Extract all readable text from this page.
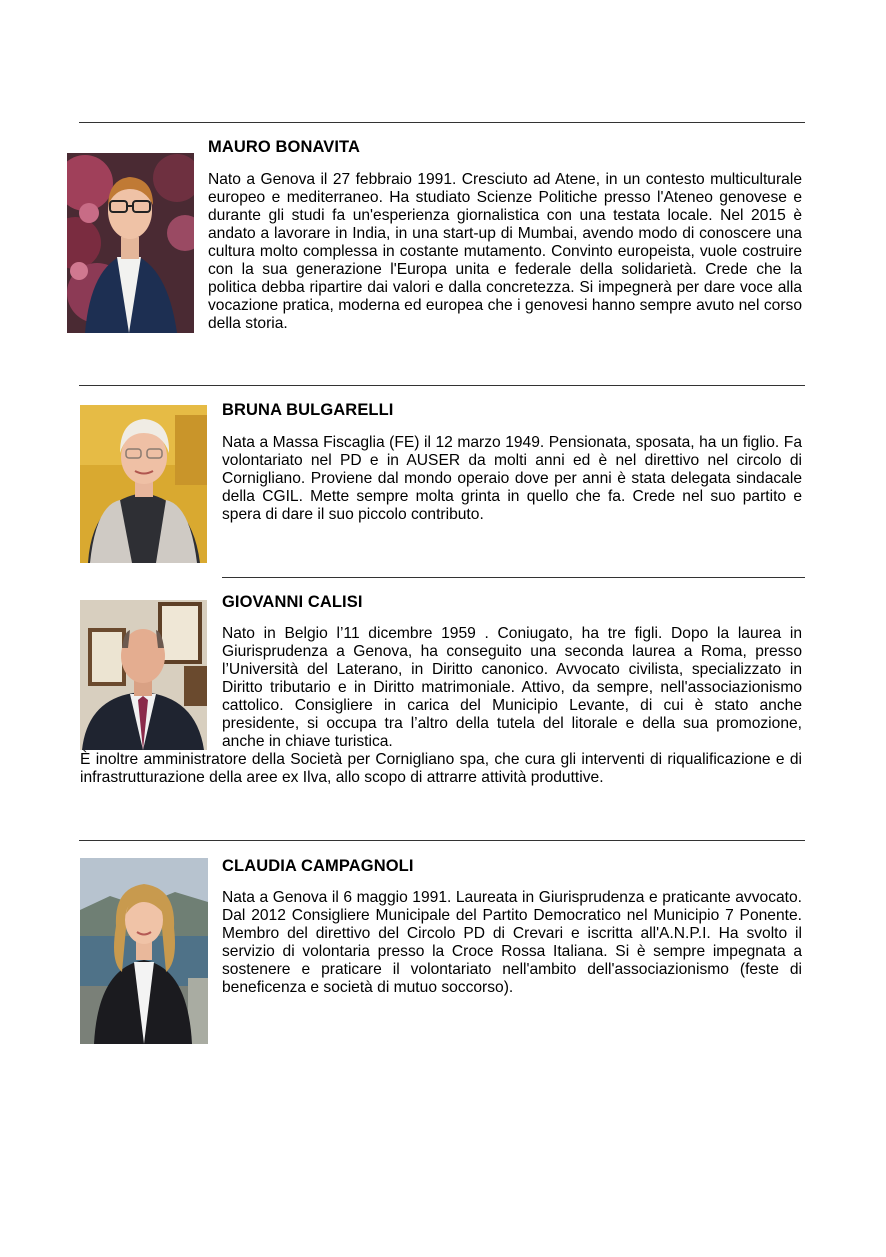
MAURO BONAVITA

Nato a Genova il 27 febbraio 1991. Cresciuto ad Atene, in un contesto multiculturale europeo e mediterraneo. Ha studiato Scienze Politiche presso l'Ateneo genovese e durante gli studi fa un'esperienza giornalistica con una testata locale. Nel 2015 è andato a lavorare in India, in una start-up di Mumbai, avendo modo di conoscere una cultura molto complessa in costante mutamento. Convinto europeista, vuole costruire con la sua generazione l'Europa unita e federale della solidarietà. Crede che la politica debba ripartire dai valori e dalla concretezza. Si impegnerà per dare voce alla vocazione pratica, moderna ed europea che i genovesi hanno sempre avuto nel corso della storia.

BRUNA BULGARELLI

Nata a Massa Fiscaglia (FE) il 12 marzo 1949. Pensionata, sposata, ha un figlio. Fa volontariato nel PD e in AUSER da molti anni ed è nel direttivo nel circolo di Cornigliano. Proviene dal mondo operaio dove per anni è stata delegata sindacale della CGIL. Mette sempre molta grinta in quello che fa. Crede nel suo partito e spera di dare il suo piccolo contributo.

GIOVANNI CALISI

Nato in Belgio l’11 dicembre 1959 . Coniugato, ha tre figli. Dopo la laurea in Giurisprudenza a Genova, ha conseguito una seconda laurea a Roma, presso l’Università del Laterano, in Diritto canonico. Avvocato civilista, specializzato in Diritto tributario e in Diritto matrimoniale. Attivo, da sempre, nell'associazionismo cattolico. Consigliere in carica del Municipio Levante, di cui è stato anche presidente, si occupa tra l’altro della tutela del litorale e della sua promozione, anche in chiave turistica.

È inoltre amministratore della Società per Cornigliano spa, che cura gli interventi di riqualificazione e di infrastrutturazione della aree ex Ilva, allo scopo di attrarre attività produttive.

CLAUDIA CAMPAGNOLI

Nata a Genova il 6 maggio 1991. Laureata in Giurisprudenza e praticante avvocato. Dal 2012 Consigliere Municipale del Partito Democratico nel Municipio 7 Ponente. Membro del direttivo del Circolo PD di Crevari e iscritta all'A.N.P.I. Ha svolto il servizio di volontaria presso la Croce Rossa Italiana. Si è sempre impegnata a sostenere e praticare il volontariato nell'ambito dell'associazionismo (feste di beneficenza e società di mutuo soccorso).
